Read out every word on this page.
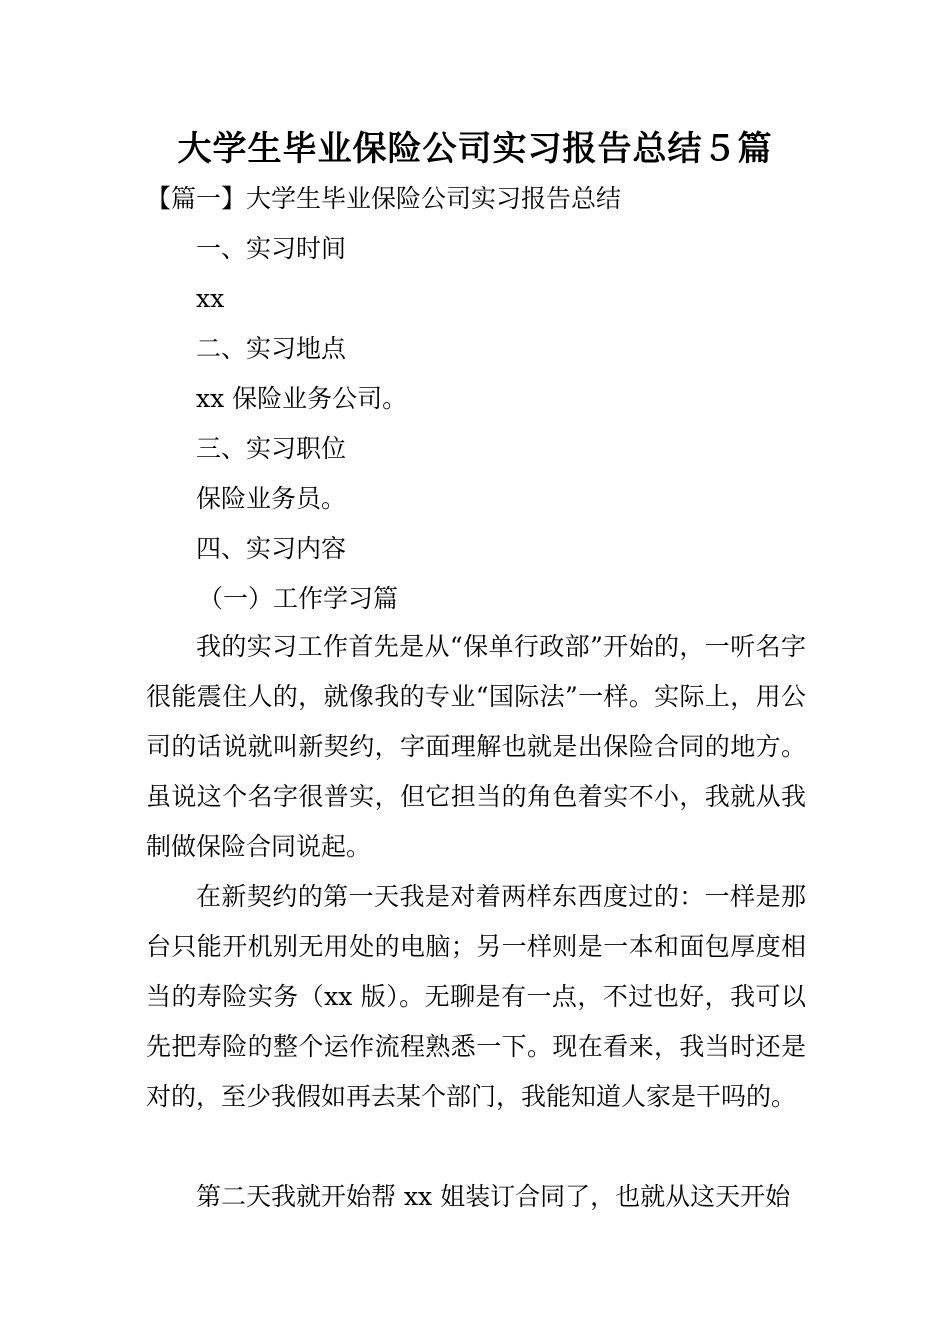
大学生毕业保险公司实习报告总结５篇
【篇一】大学生毕业保险公司实习报告总结
一、实习时间
xx
二、实习地点
xx 保险业务公司。
三、实习职位
保险业务员。
四、实习内容
（一）工作学习篇
我的实习工作首先是从“保单行政部”开始的，一听名字很能震住人的，就像我的专业“国际法”一样。实际上，用公司的话说就叫新契约，字面理解也就是出保险合同的地方。虽说这个名字很普实，但它担当的角色着实不小，我就从我制做保险合同说起。
在新契约的第一天我是对着两样东西度过的：一样是那台只能开机别无用处的电脑；另一样则是一本和面包厚度相当的寿险实务（xx 版）。无聊是有一点，不过也好，我可以先把寿险的整个运作流程熟悉一下。现在看来，我当时还是对的，至少我假如再去某个部门，我能知道人家是干吗的。
第二天我就开始帮 xx 姐装订合同了，也就从这天开始
